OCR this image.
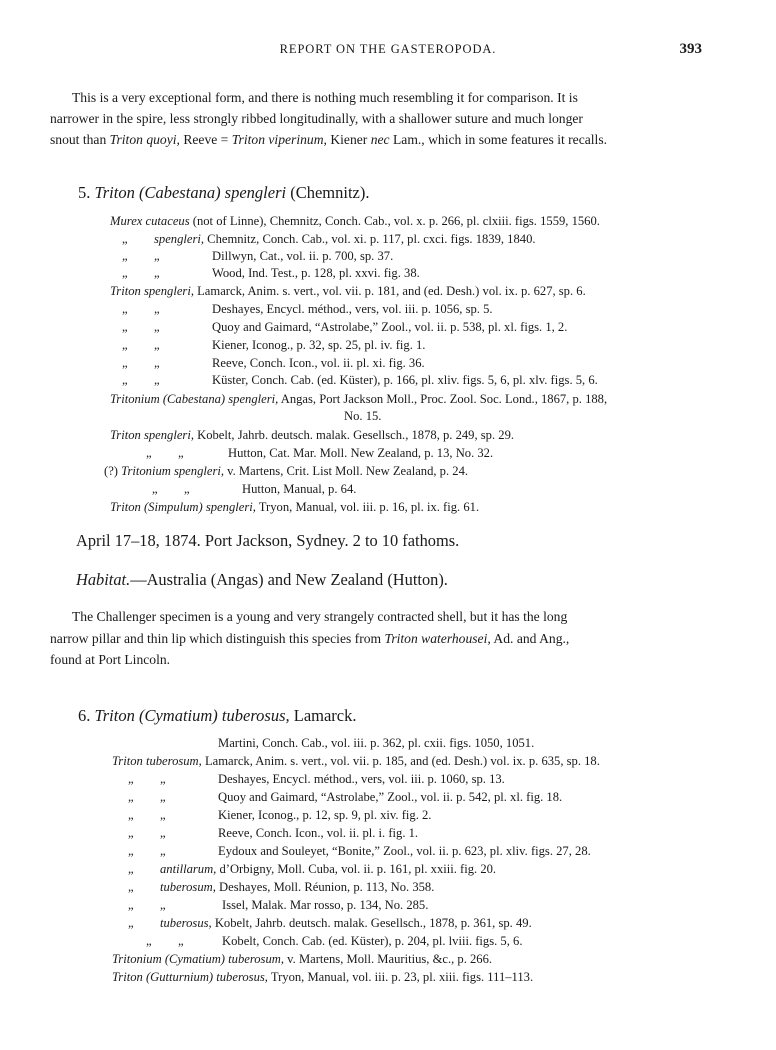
REPORT ON THE GASTEROPODA.	393
This is a very exceptional form, and there is nothing much resembling it for comparison. It is
narrower in the spire, less strongly ribbed longitudinally, with a shallower suture and much longer
snout than Triton quoyi, Reeve = Triton viperinum, Kiener nec Lam., which in some features it recalls.
5. Triton (Cabestana) spengleri (Chemnitz).
Murex cutaceus (not of Linne), Chemnitz, Conch. Cab., vol. x. p. 266, pl. clxiii. figs. 1559, 1560.
„ spengleri, Chemnitz, Conch. Cab., vol. xi. p. 117, pl. cxci. figs. 1839, 1840.
„ „	Dillwyn, Cat., vol. ii. p. 700, sp. 37.
„ „	Wood, Ind. Test., p. 128, pl. xxvi. fig. 38.
Triton spengleri, Lamarck, Anim. s. vert., vol. vii. p. 181, and (ed. Desh.) vol. ix. p. 627, sp. 6.
„ „	Deshayes, Encycl. méthod., vers, vol. iii. p. 1056, sp. 5.
„ „	Quoy and Gaimard, “Astrolabe,” Zool., vol. ii. p. 538, pl. xl. figs. 1, 2.
„ „	Kiener, Iconog., p. 32, sp. 25, pl. iv. fig. 1.
„ „	Reeve, Conch. Icon., vol. ii. pl. xi. fig. 36.
„ „	Küster, Conch. Cab. (ed. Küster), p. 166, pl. xliv. figs. 5, 6, pl. xlv. figs. 5, 6.
Tritonium (Cabestana) spengleri, Angas, Port Jackson Moll., Proc. Zool. Soc. Lond., 1867, p. 188,
No. 15.
Triton spengleri, Kobelt, Jahrb. deutsch. malak. Gesellsch., 1878, p. 249, sp. 29.
„ „	Hutton, Cat. Mar. Moll. New Zealand, p. 13, No. 32.
(?) Tritonium spengleri, v. Martens, Crit. List Moll. New Zealand, p. 24.
„ „	Hutton, Manual, p. 64.
Triton (Simpulum) spengleri, Tryon, Manual, vol. iii. p. 16, pl. ix. fig. 61.
April 17–18, 1874. Port Jackson, Sydney. 2 to 10 fathoms.
Habitat.—Australia (Angas) and New Zealand (Hutton).
The Challenger specimen is a young and very strangely contracted shell, but it has the long
narrow pillar and thin lip which distinguish this species from Triton waterhousei, Ad. and Ang.,
found at Port Lincoln.
6. Triton (Cymatium) tuberosus, Lamarck.
Martini, Conch. Cab., vol. iii. p. 362, pl. cxii. figs. 1050, 1051.
Triton tuberosum, Lamarck, Anim. s. vert., vol. vii. p. 185, and (ed. Desh.) vol. ix. p. 635, sp. 18.
„ „	Deshayes, Encycl. méthod., vers, vol. iii. p. 1060, sp. 13.
„ „	Quoy and Gaimard, “Astrolabe,” Zool., vol. ii. p. 542, pl. xl. fig. 18.
„ „	Kiener, Iconog., p. 12, sp. 9, pl. xiv. fig. 2.
„ „	Reeve, Conch. Icon., vol. ii. pl. i. fig. 1.
„ „	Eydoux and Souleyet, “Bonite,” Zool., vol. ii. p. 623, pl. xliv. figs. 27, 28.
„ antillarum, d’Orbigny, Moll. Cuba, vol. ii. p. 161, pl. xxiii. fig. 20.
„ tuberosum, Deshayes, Moll. Réunion, p. 113, No. 358.
„ „	Issel, Malak. Mar rosso, p. 134, No. 285.
„ tuberosus, Kobelt, Jahrb. deutsch. malak. Gesellsch., 1878, p. 361, sp. 49.
„ „	Kobelt, Conch. Cab. (ed. Küster), p. 204, pl. lviii. figs. 5, 6.
Tritonium (Cymatium) tuberosum, v. Martens, Moll. Mauritius, &c., p. 266.
Triton (Gutturnium) tuberosus, Tryon, Manual, vol. iii. p. 23, pl. xiii. figs. 111–113.
